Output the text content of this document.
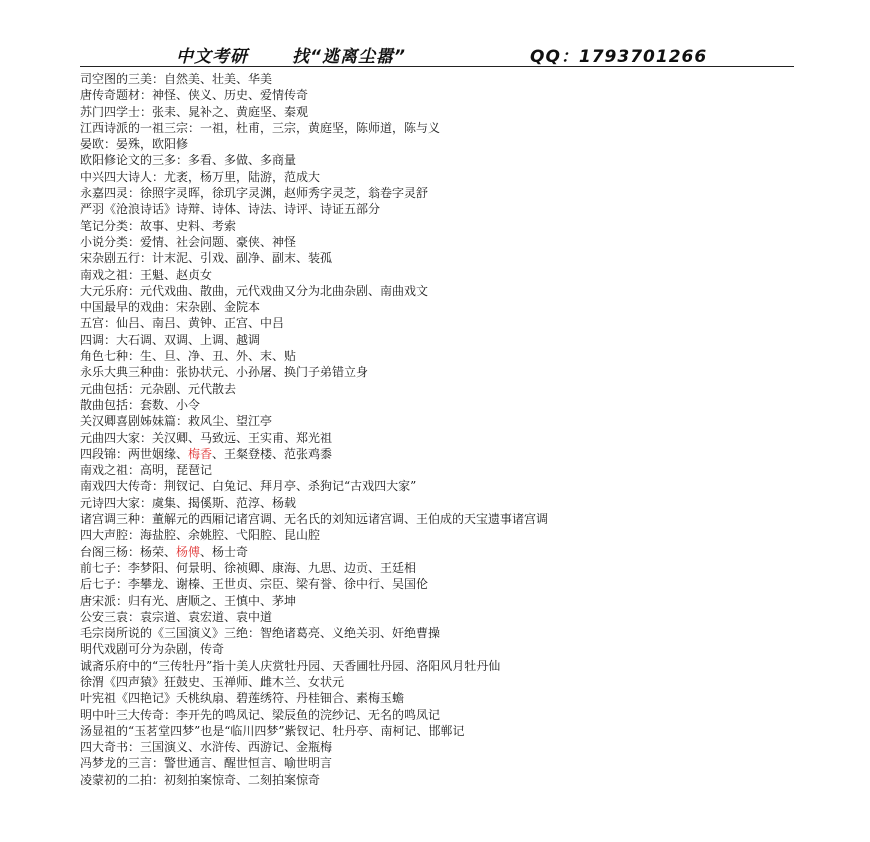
中文考研	找“逃离尘嚣”	QQ：1793701266
司空图的三美：自然美、壮美、华美
唐传奇题材：神怪、侠义、历史、爱情传奇
苏门四学士：张耒、晁补之、黄庭坚、秦观
江西诗派的一祖三宗：一祖，杜甫，三宗，黄庭坚，陈师道，陈与义
晏欧：晏殊，欧阳修
欧阳修论文的三多：多看、多做、多商量
中兴四大诗人：尤袤，杨万里，陆游，范成大
永嘉四灵：徐照字灵晖，徐玑字灵渊，赵师秀字灵芝，翁卷字灵舒
严羽《沧浪诗话》诗辩、诗体、诗法、诗评、诗证五部分
笔记分类：故事、史料、考索
小说分类：爱情、社会问题、豪侠、神怪
宋杂剧五行：计末泥、引戏、副净、副末、装孤
南戏之祖：王魁、赵贞女
大元乐府：元代戏曲、散曲，元代戏曲又分为北曲杂剧、南曲戏文
中国最早的戏曲：宋杂剧、金院本
五宫：仙吕、南吕、黄钟、正宫、中吕
四调：大石调、双调、上调、越调
角色七种：生、旦、净、丑、外、末、贴
永乐大典三种曲：张协状元、小孙屠、换门子弟错立身
元曲包括：元杂剧、元代散去
散曲包括：套数、小令
关汉卿喜剧姊妹篇：救风尘、望江亭
元曲四大家：关汉卿、马致远、王实甫、郑光祖
四段锦：两世姻缘、梅香、王粲登楼、范张鸡黍
南戏之祖：高明，琵琶记
南戏四大传奇：荆钗记、白兔记、拜月亭、杀狗记“古戏四大家”
元诗四大家：虞集、揭傒斯、范淳、杨载
诸宫调三种：董解元的西厢记诸宫调、无名氏的刘知远诸宫调、王伯成的天宝遗事诸宫调
四大声腔：海盐腔、余姚腔、弋阳腔、昆山腔
台阁三杨：杨荣、杨傅、杨士奇
前七子：李梦阳、何景明、徐祯卿、康海、九思、边贡、王廷相
后七子：李攀龙、谢榛、王世贞、宗臣、梁有誉、徐中行、吴国伦
唐宋派：归有光、唐顺之、王慎中、茅坤
公安三袁：袁宗道、袁宏道、袁中道
毛宗岗所说的《三国演义》三绝：智绝诸葛亮、义绝关羽、奸绝曹操
明代戏剧可分为杂剧，传奇
诚斋乐府中的“三传牡丹”指十美人庆赏牡丹园、天香圃牡丹园、洛阳风月牡丹仙
徐渭《四声猿》狂鼓史、玉禅师、雌木兰、女状元
叶宪祖《四艳记》夭桃纨扇、碧莲绣符、丹桂钿合、素梅玉蟾
明中叶三大传奇：李开先的鸣凤记、梁辰鱼的浣纱记、无名的鸣凤记
汤显祖的“玉茗堂四梦”也是“临川四梦”紫钗记、牡丹亭、南柯记、邯郸记
四大奇书：三国演义、水浒传、西游记、金瓶梅
冯梦龙的三言：警世通言、醒世恒言、喻世明言
凌蒙初的二拍：初刻拍案惊奇、二刻拍案惊奇
